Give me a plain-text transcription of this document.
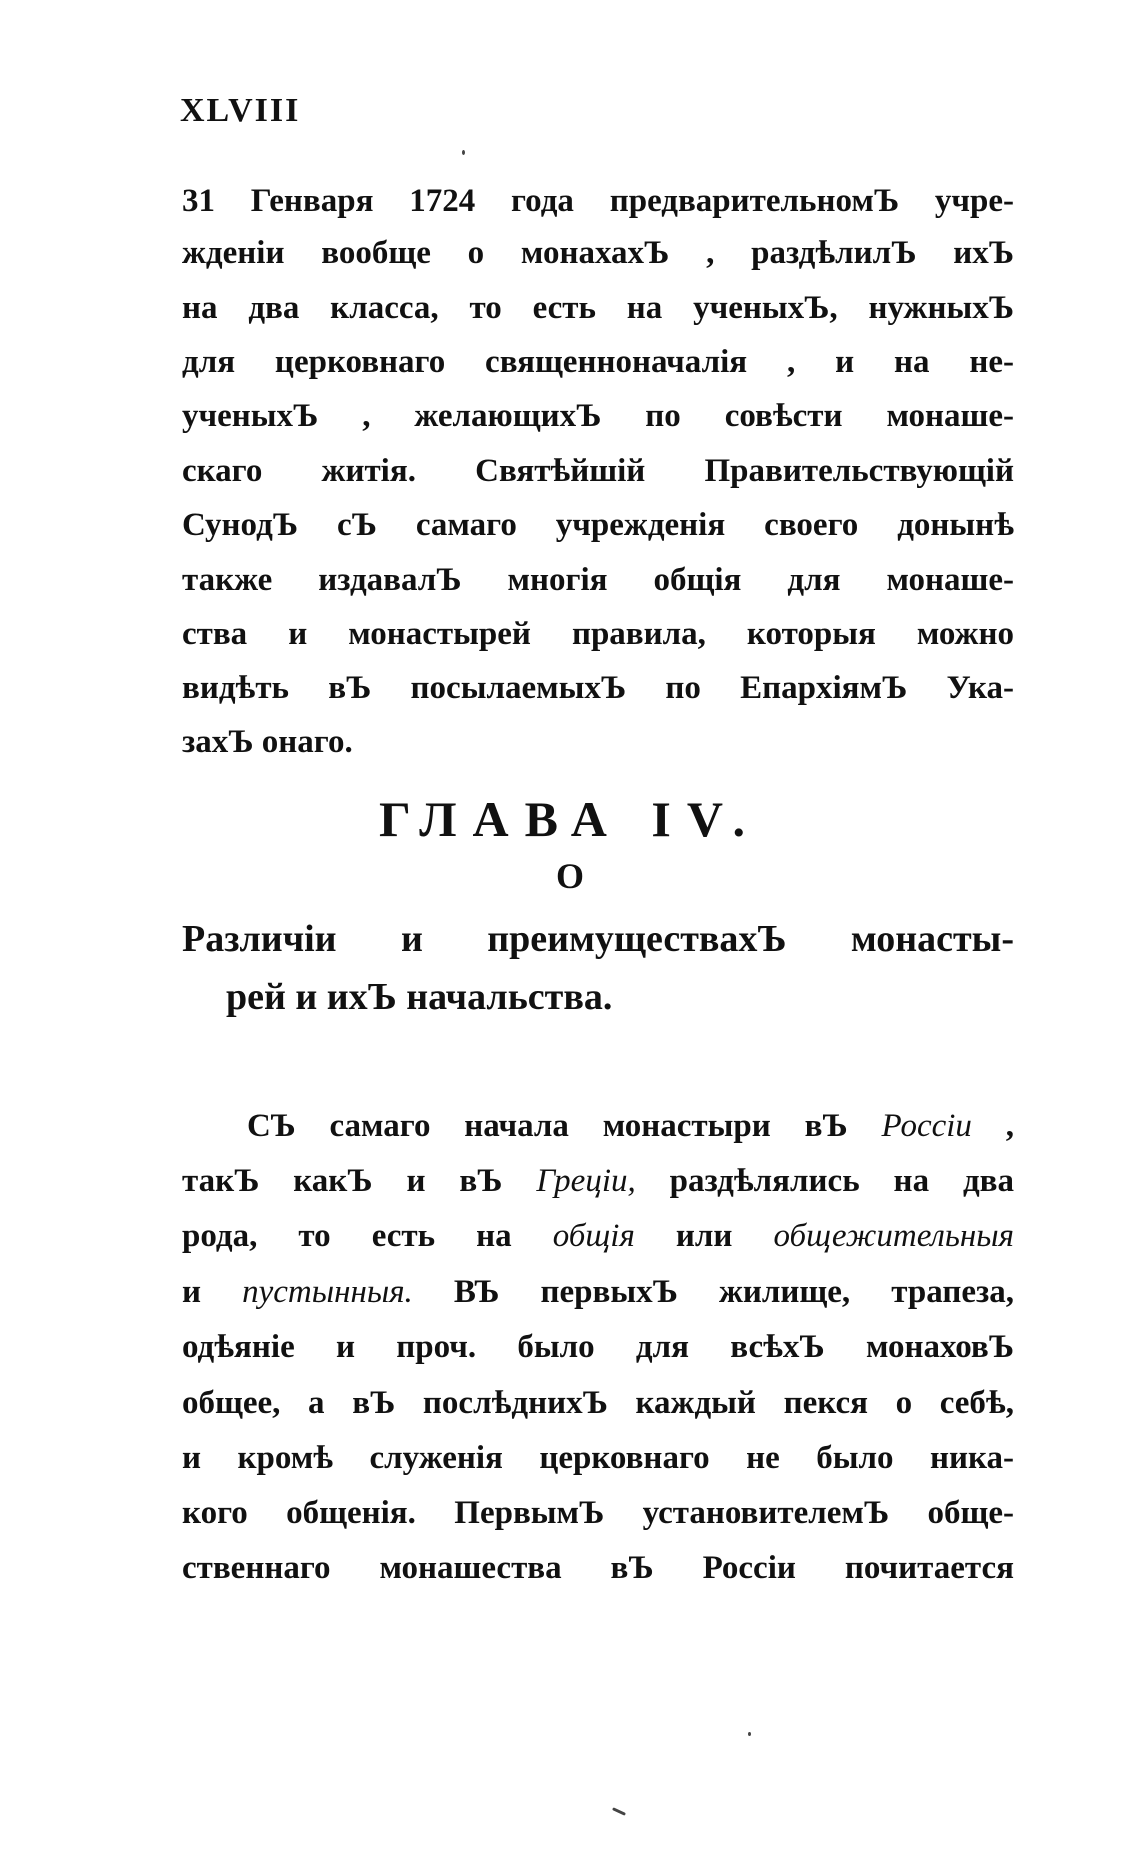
XLVIII
31 Генваря 1724 года предварительномЪ учре-
жденіи вообще о монахахЪ , раздѣлилЪ ихЪ
на два класса, то есть на ученыхЪ, нужныхЪ
для церковнаго священноначалія , и на не-
ученыхЪ , желающихЪ по совѣсти монаше-
скаго житія. Святѣйшій Правительствующій
СунодЪ сЪ самаго учрежденія своего донынѣ
также издавалЪ многія общія для монаше-
ства и монастырей правила, которыя можно
видѣть вЪ посылаемыхЪ по ЕпархіямЪ Ука-
захЪ онаго.
ГЛАВА IV.
О
Различіи и преимуществахЪ монасты-
рей и ихЪ начальства.
СЪ самаго начала монастыри вЪ Россіи ,
такЪ какЪ и вЪ Греціи, раздѣлялись на два
рода, то есть на общія или общежительныя
и пустынныя. ВЪ первыхЪ жилище, трапеза,
одѣяніе и проч. было для всѣхЪ монаховЪ
общее, а вЪ послѣднихЪ каждый пекся о себѣ,
и кромѣ служенія церковнаго не было ника-
кого общенія. ПервымЪ установителемЪ обще-
ственнаго монашества вЪ Россіи почитается
